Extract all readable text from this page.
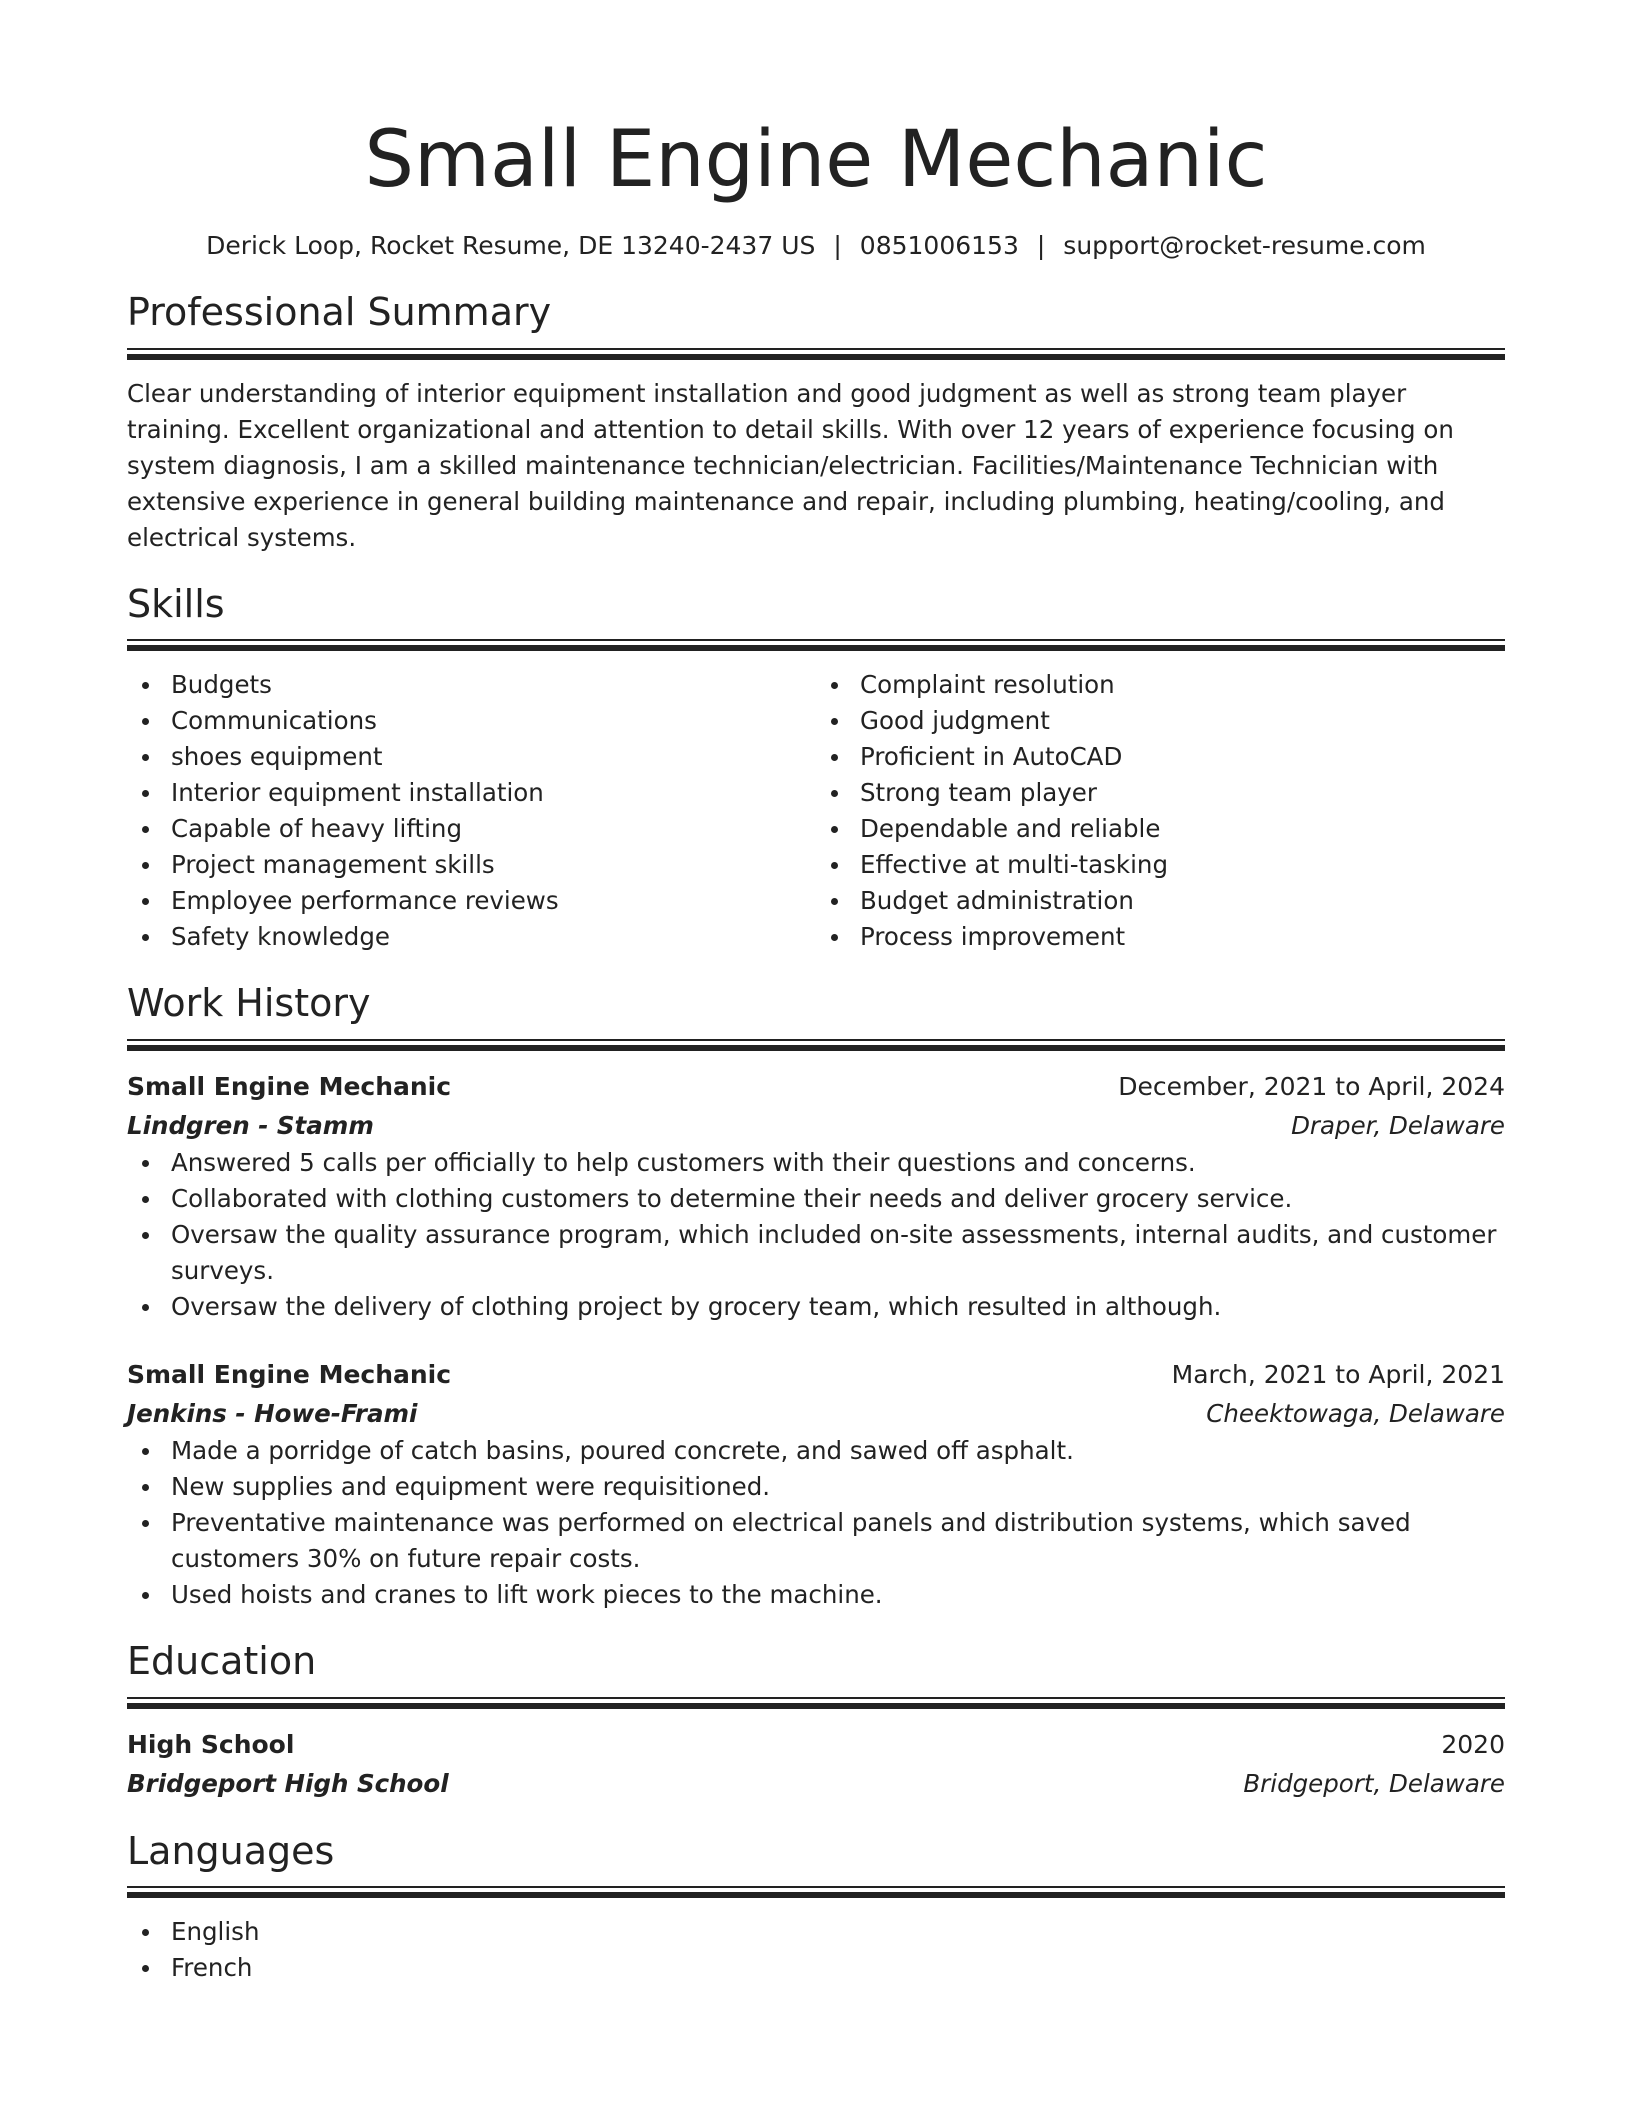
Small Engine Mechanic
Derick Loop, Rocket Resume, DE 13240-2437 US | 0851006153 | support@rocket-resume.com
Professional Summary

Clear understanding of interior equipment installation and good judgment as well as strong team player training. Excellent organizational and attention to detail skills. With over 12 years of experience focusing on system diagnosis, I am a skilled maintenance technician/electrician. Facilities/Maintenance Technician with extensive experience in general building maintenance and repair, including plumbing, heating/cooling, and electrical systems.

Skills
Budgets
Communications
shoes equipment
Interior equipment installation
Capable of heavy lifting
Project management skills
Employee performance reviews
Safety knowledge
Complaint resolution
Good judgment
Proficient in AutoCAD
Strong team player
Dependable and reliable
Effective at multi-tasking
Budget administration
Process improvement
Work History
Small Engine Mechanic	December, 2021 to April, 2024
Lindgren - Stamm	Draper, Delaware
Answered 5 calls per officially to help customers with their questions and concerns.
Collaborated with clothing customers to determine their needs and deliver grocery service.
Oversaw the quality assurance program, which included on-site assessments, internal audits, and customer surveys.
Oversaw the delivery of clothing project by grocery team, which resulted in although.
Small Engine Mechanic	March, 2021 to April, 2021
Jenkins - Howe-Frami	Cheektowaga, Delaware
Made a porridge of catch basins, poured concrete, and sawed off asphalt.
New supplies and equipment were requisitioned.
Preventative maintenance was performed on electrical panels and distribution systems, which saved customers 30% on future repair costs.
Used hoists and cranes to lift work pieces to the machine.
Education
High School	2020
Bridgeport High School	Bridgeport, Delaware
Languages
English
French
